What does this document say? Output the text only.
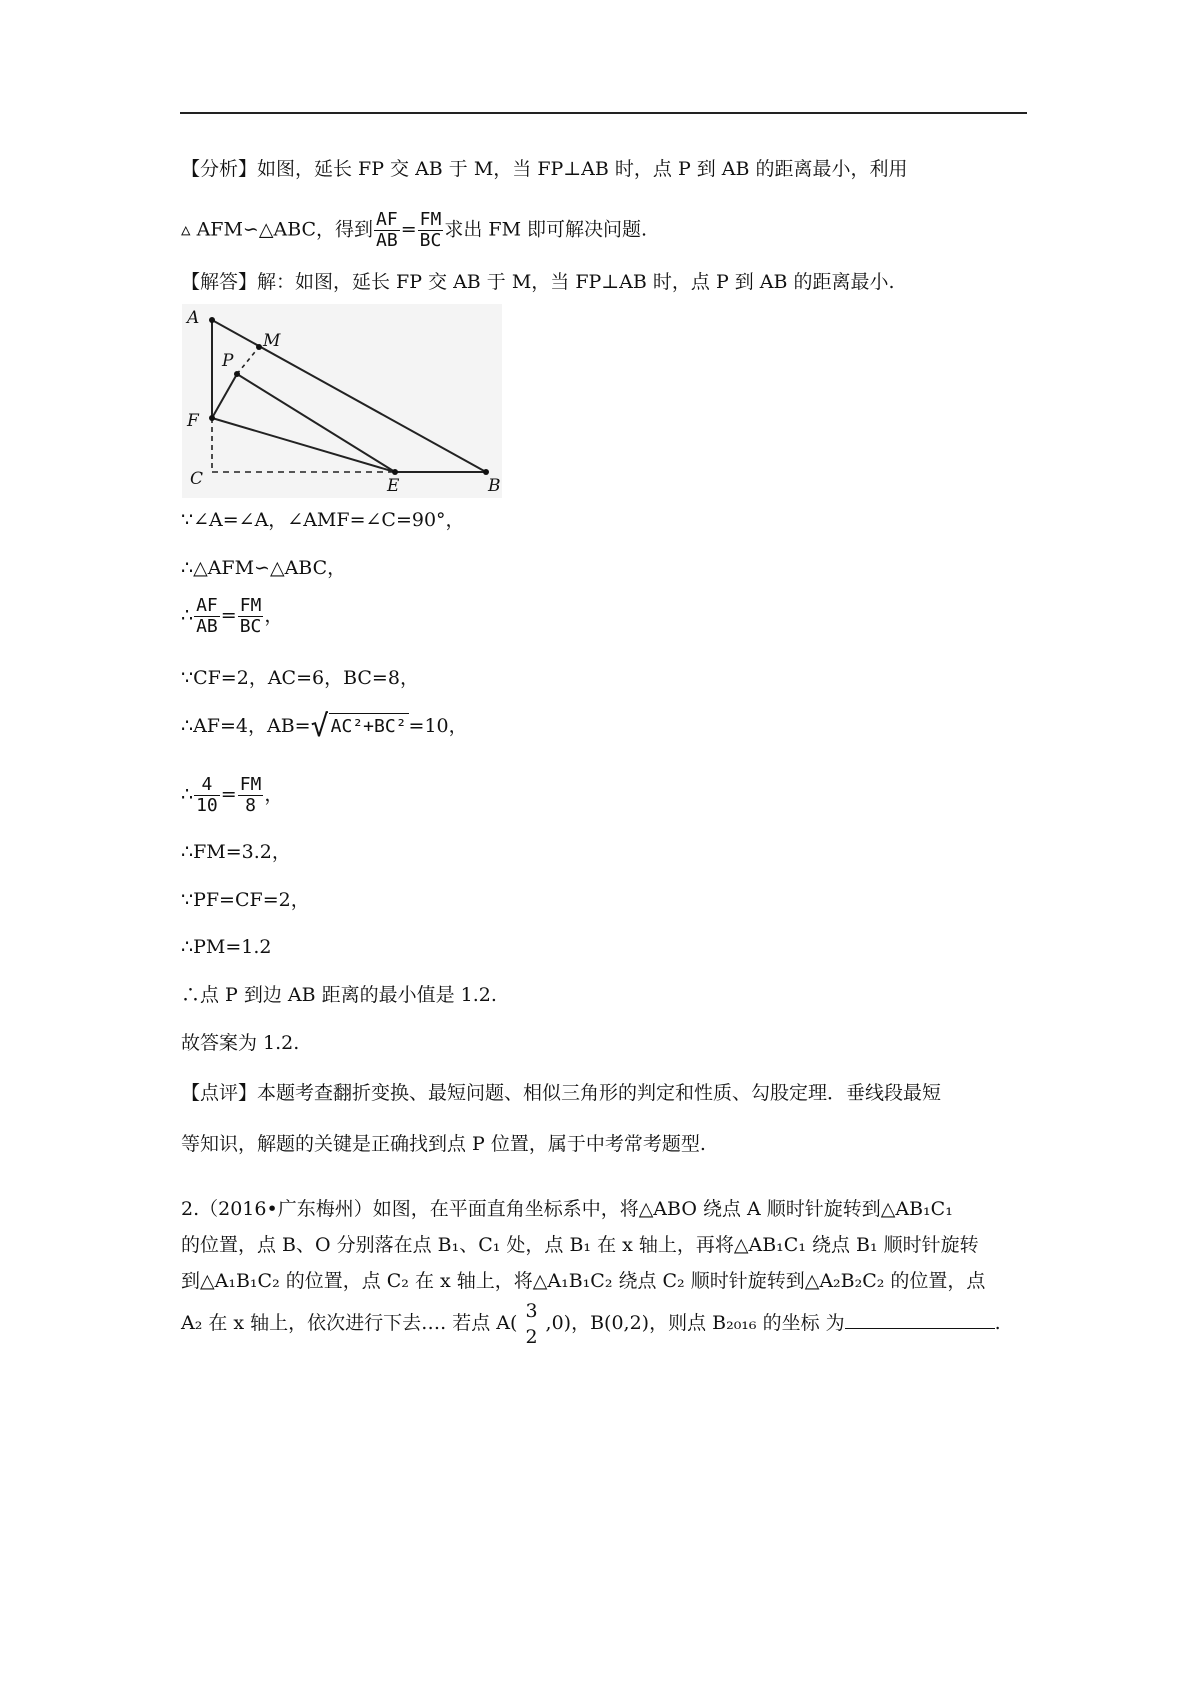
【分析】如图，延长 FP 交 AB 于 M，当 FP⊥AB 时，点 P 到 AB 的距离最小，利用
▵ AFM∽△ABC，得到 $\frac{AF}{AB} = \frac{FM}{BC}$ 求出 FM 即可解决问题.
【解答】解：如图，延长 FP 交 AB 于 M，当 FP⊥AB 时，点 P 到 AB 的距离最小.
A
M
P
F
C	E	B
∵∠A=∠A，∠AMF=∠C=90°，
∴△AFM∽△ABC，
∴ $\frac{AF}{AB} = \frac{FM}{BC}$ ，
∵CF=2，AC=6，BC=8，
∴AF=4，AB=√ AC²+BC² =10，
∴ $\frac{4}{10} = \frac{FM}{8}$ ，
∴FM=3.2，
∵PF=CF=2，
∴PM=1.2
∴点 P 到边 AB 距离的最小值是 1.2.
故答案为 1.2.
【点评】本题考查翻折变换、最短问题、相似三角形的判定和性质、勾股定理．垂线段最短
等知识，解题的关键是正确找到点 P 位置，属于中考常考题型.
2.（2016•广东梅州）如图，在平面直角坐标系中，将△ABO 绕点 A 顺时针旋转到△AB₁C₁
的位置，点 B、O 分别落在点 B₁、C₁ 处，点 B₁ 在 x 轴上，再将△AB₁C₁ 绕点 B₁ 顺时针旋转
到△A₁B₁C₂ 的位置，点 C₂ 在 x 轴上，将△A₁B₁C₂ 绕点 C₂ 顺时针旋转到△A₂B₂C₂ 的位置，点
A₂ 在 x 轴上，依次进行下去…. 若点 A(
3
2
,0)，B(0,2)，则点 B₂₀₁₆ 的坐标 为	.
